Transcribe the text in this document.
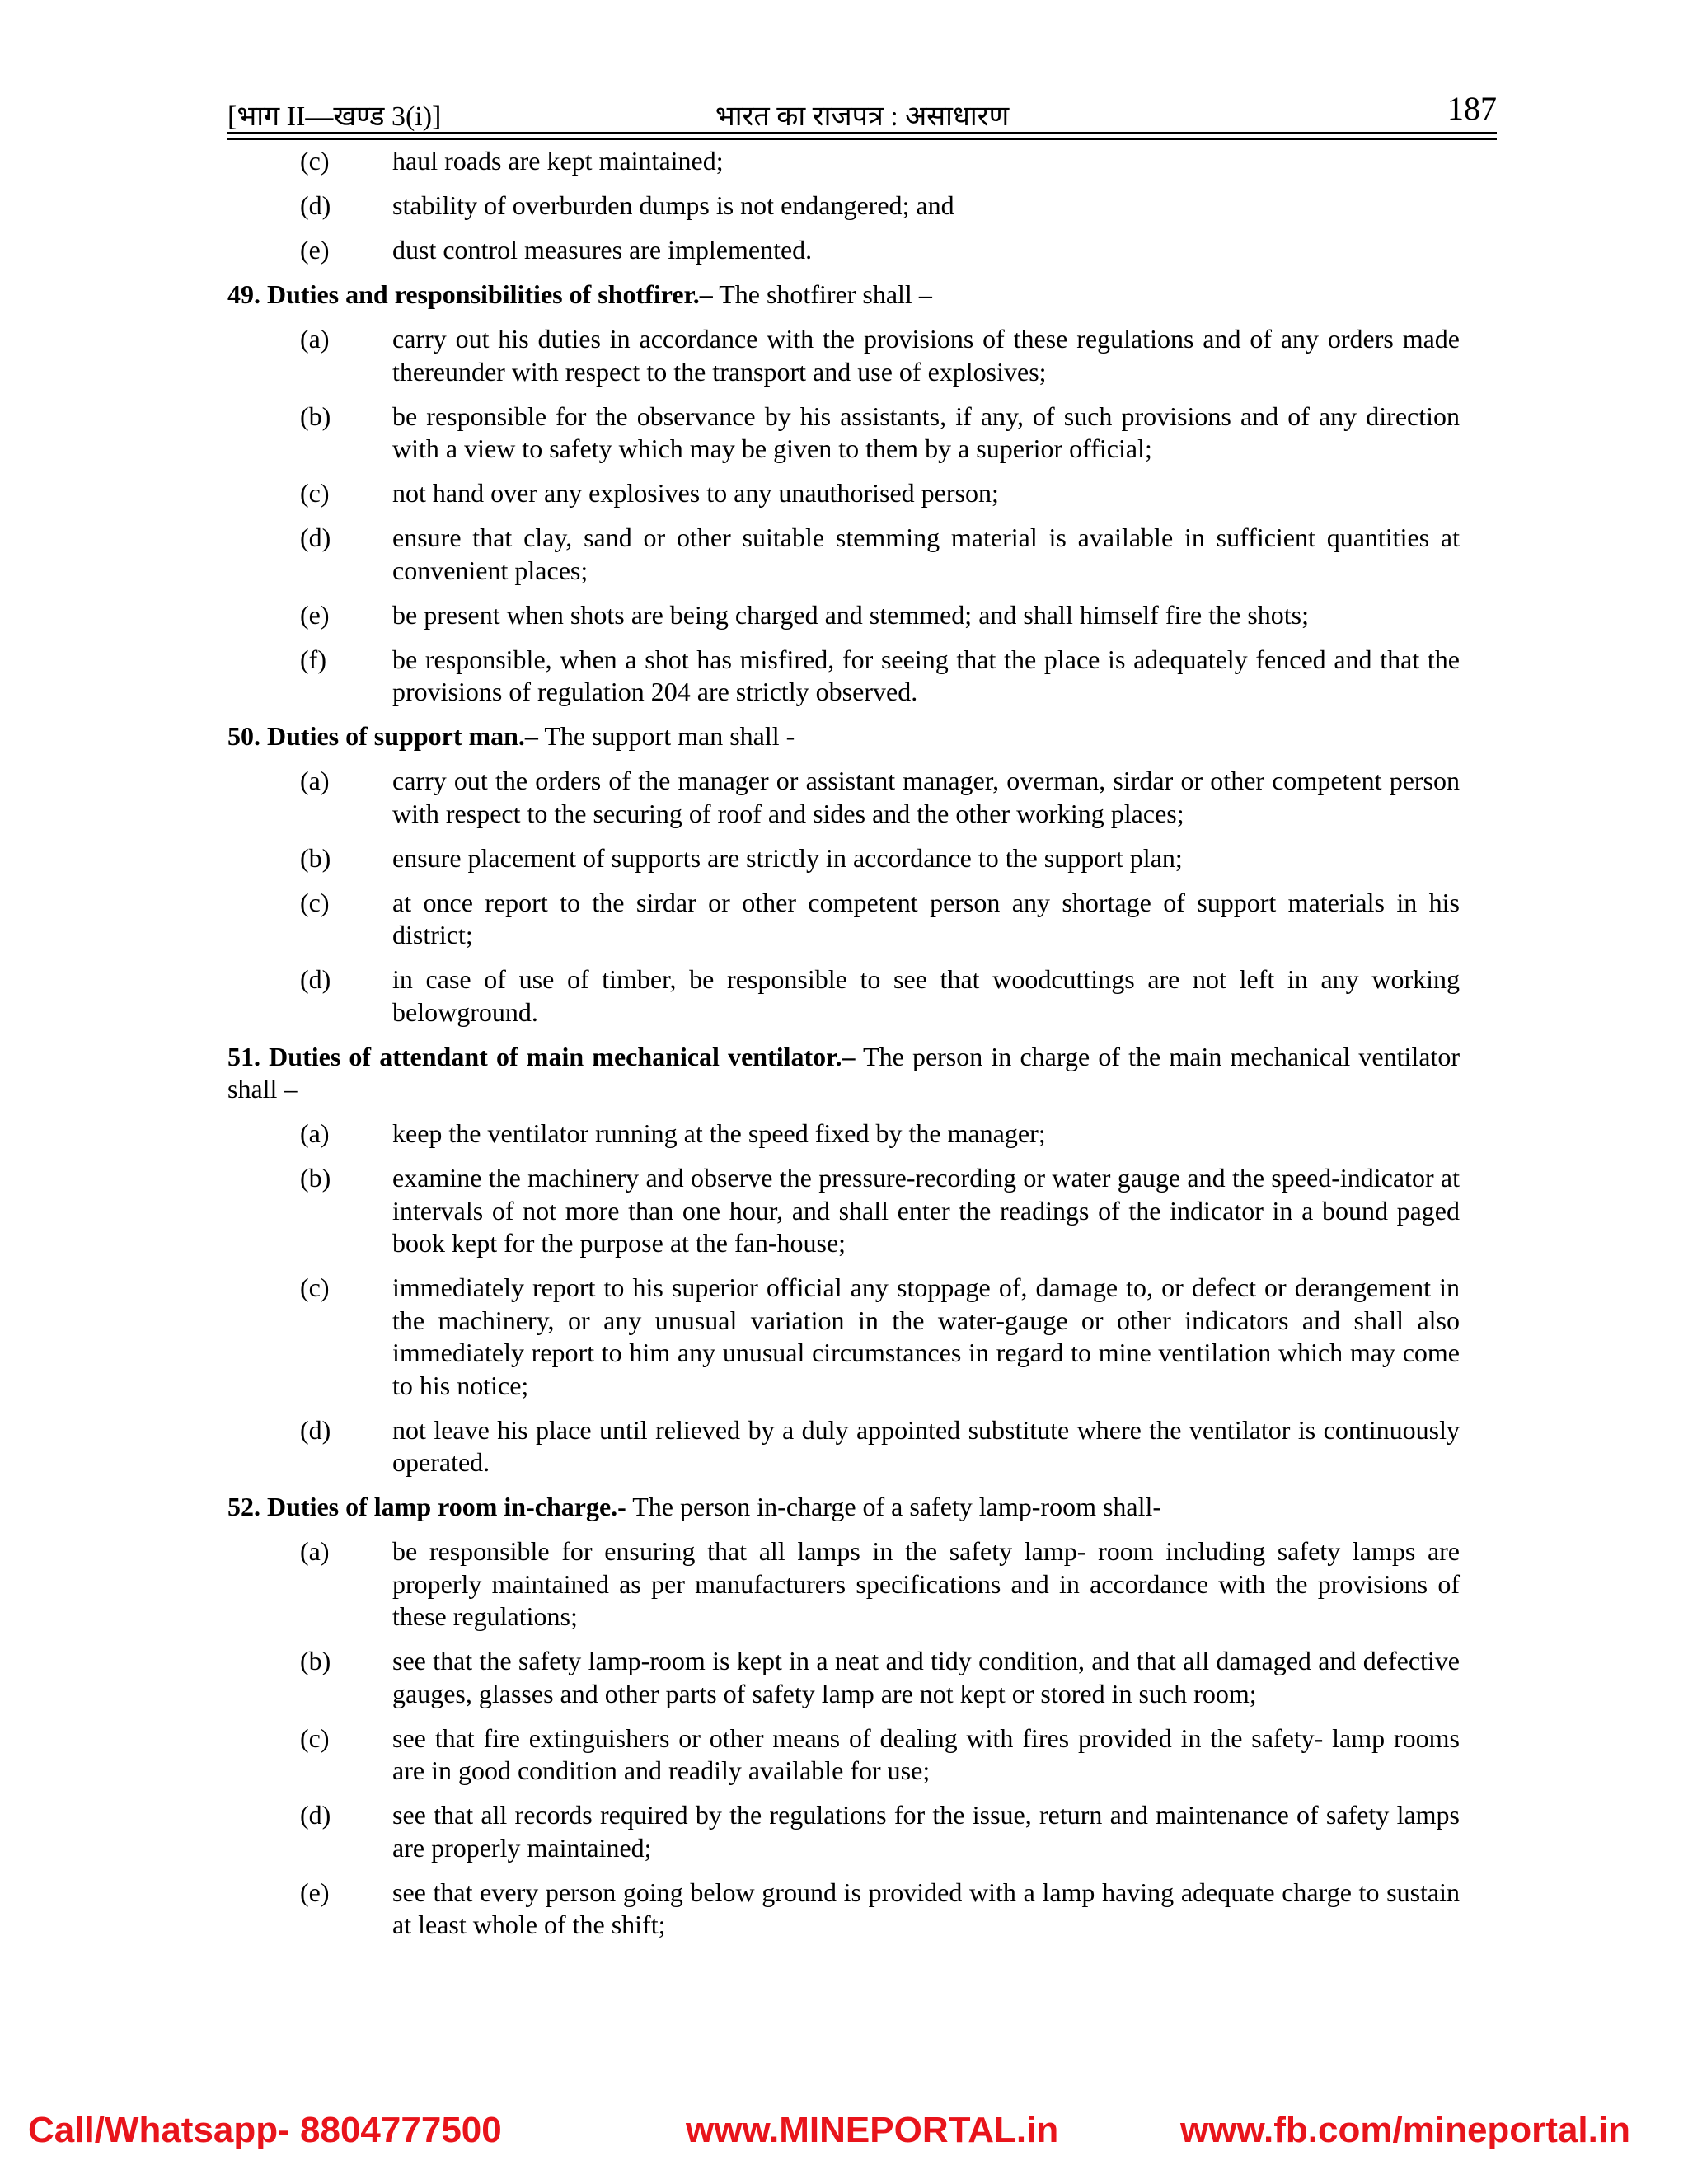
[भाग II—खण्ड 3(i)]	भारत का राजपत्र : असाधारण	187
(c)	haul roads are kept maintained;
(d)	stability of overburden dumps is not endangered; and
(e)	dust control measures are implemented.
49. Duties and responsibilities of shotfirer.– The shotfirer shall –
(a)	carry out his duties in accordance with the provisions of these regulations and of any orders made thereunder with respect to the transport and use of explosives;
(b)	be responsible for the observance by his assistants, if any, of such provisions and of any direction with a view to safety which may be given to them by a superior official;
(c)	not hand over any explosives to any unauthorised person;
(d)	ensure that clay, sand or other suitable stemming material is available in sufficient quantities at convenient places;
(e)	be present when shots are being charged and stemmed; and shall himself fire the shots;
(f)	be responsible, when a shot has misfired, for seeing that the place is adequately fenced and that the provisions of regulation 204 are strictly observed.
50. Duties of support man.– The support man shall -
(a)	carry out the orders of the manager or assistant manager, overman, sirdar or other competent person with respect to the securing of roof and sides and the other working places;
(b)	ensure placement of supports are strictly in accordance to the support plan;
(c)	at once report to the sirdar or other competent person any shortage of support materials in his district;
(d)	in case of use of timber, be responsible to see that woodcuttings are not left in any working belowground.
51. Duties of attendant of main mechanical ventilator.– The person in charge of the main mechanical ventilator shall –
(a)	keep the ventilator running at the speed fixed by the manager;
(b)	examine the machinery and observe the pressure-recording or water gauge and the speed-indicator at intervals of not more than one hour, and shall enter the readings of the indicator in a bound paged book kept for the purpose at the fan-house;
(c)	immediately report to his superior official any stoppage of, damage to, or defect or derangement in the machinery, or any unusual variation in the water-gauge or other indicators and shall also immediately report to him any unusual circumstances in regard to mine ventilation which may come to his notice;
(d)	not leave his place until relieved by a duly appointed substitute where the ventilator is continuously operated.
52. Duties of lamp room in-charge.- The person in-charge of a safety lamp-room shall-
(a)	be responsible for ensuring that all lamps in the safety lamp- room including safety lamps are properly maintained as per manufacturers specifications and in accordance with the provisions of these regulations;
(b)	see that the safety lamp-room is kept in a neat and tidy condition, and that all damaged and defective gauges, glasses and other parts of safety lamp are not kept or stored in such room;
(c)	see that fire extinguishers or other means of dealing with fires provided in the safety- lamp rooms are in good condition and readily available for use;
(d)	see that all records required by the regulations for the issue, return and maintenance of safety lamps are properly maintained;
(e)	see that every person going below ground is provided with a lamp having adequate charge to sustain at least whole of the shift;
Call/Whatsapp- 8804777500	www.MINEPORTAL.in	www.fb.com/mineportal.in
